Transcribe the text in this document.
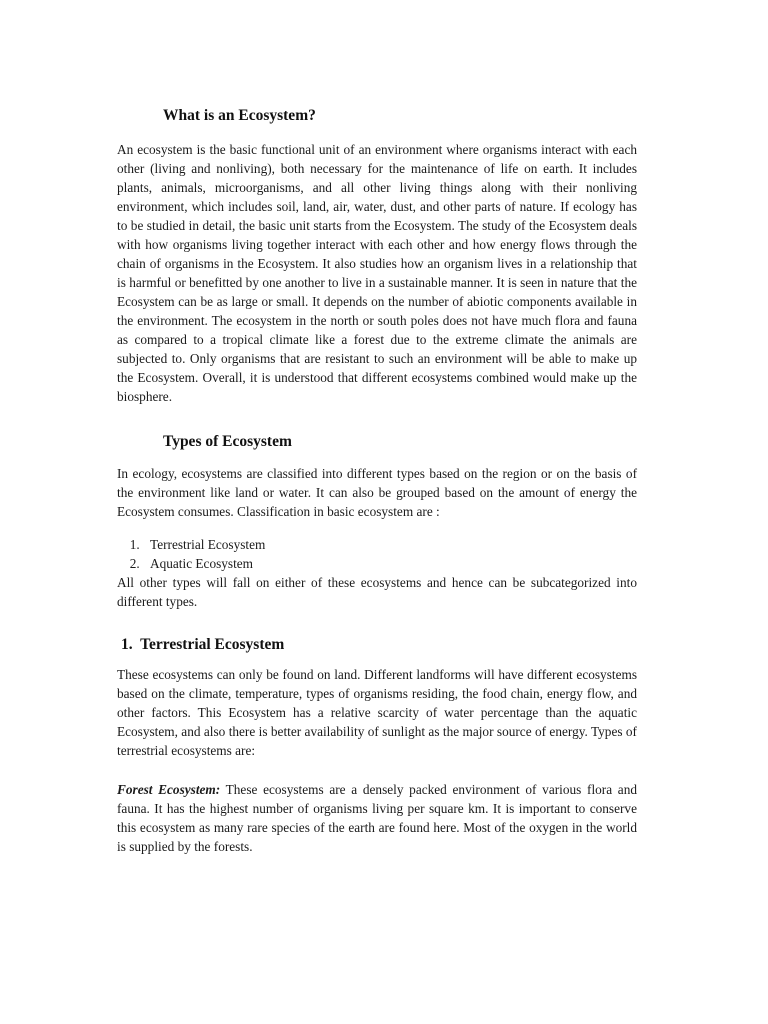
What is an Ecosystem?

An ecosystem is the basic functional unit of an environment where organisms interact with each other (living and nonliving), both necessary for the maintenance of life on earth. It includes plants, animals, microorganisms, and all other living things along with their nonliving environment, which includes soil, land, air, water, dust, and other parts of nature. If ecology has to be studied in detail, the basic unit starts from the Ecosystem. The study of the Ecosystem deals with how organisms living together interact with each other and how energy flows through the chain of organisms in the Ecosystem. It also studies how an organism lives in a relationship that is harmful or benefitted by one another to live in a sustainable manner. It is seen in nature that the Ecosystem can be as large or small. It depends on the number of abiotic components available in the environment. The ecosystem in the north or south poles does not have much flora and fauna as compared to a tropical climate like a forest due to the extreme climate the animals are subjected to. Only organisms that are resistant to such an environment will be able to make up the Ecosystem. Overall, it is understood that different ecosystems combined would make up the biosphere.

Types of Ecosystem

In ecology, ecosystems are classified into different types based on the region or on the basis of the environment like land or water. It can also be grouped based on the amount of energy the Ecosystem consumes. Classification in basic ecosystem are :

1. Terrestrial Ecosystem
2. Aquatic Ecosystem

All other types will fall on either of these ecosystems and hence can be subcategorized into different types.

1.  Terrestrial Ecosystem

These ecosystems can only be found on land. Different landforms will have different ecosystems based on the climate, temperature, types of organisms residing, the food chain, energy flow, and other factors. This Ecosystem has a relative scarcity of water percentage than the aquatic Ecosystem, and also there is better availability of sunlight as the major source of energy. Types of terrestrial ecosystems are:

Forest Ecosystem: These ecosystems are a densely packed environment of various flora and fauna. It has the highest number of organisms living per square km. It is important to conserve this ecosystem as many rare species of the earth are found here. Most of the oxygen in the world is supplied by the forests.
